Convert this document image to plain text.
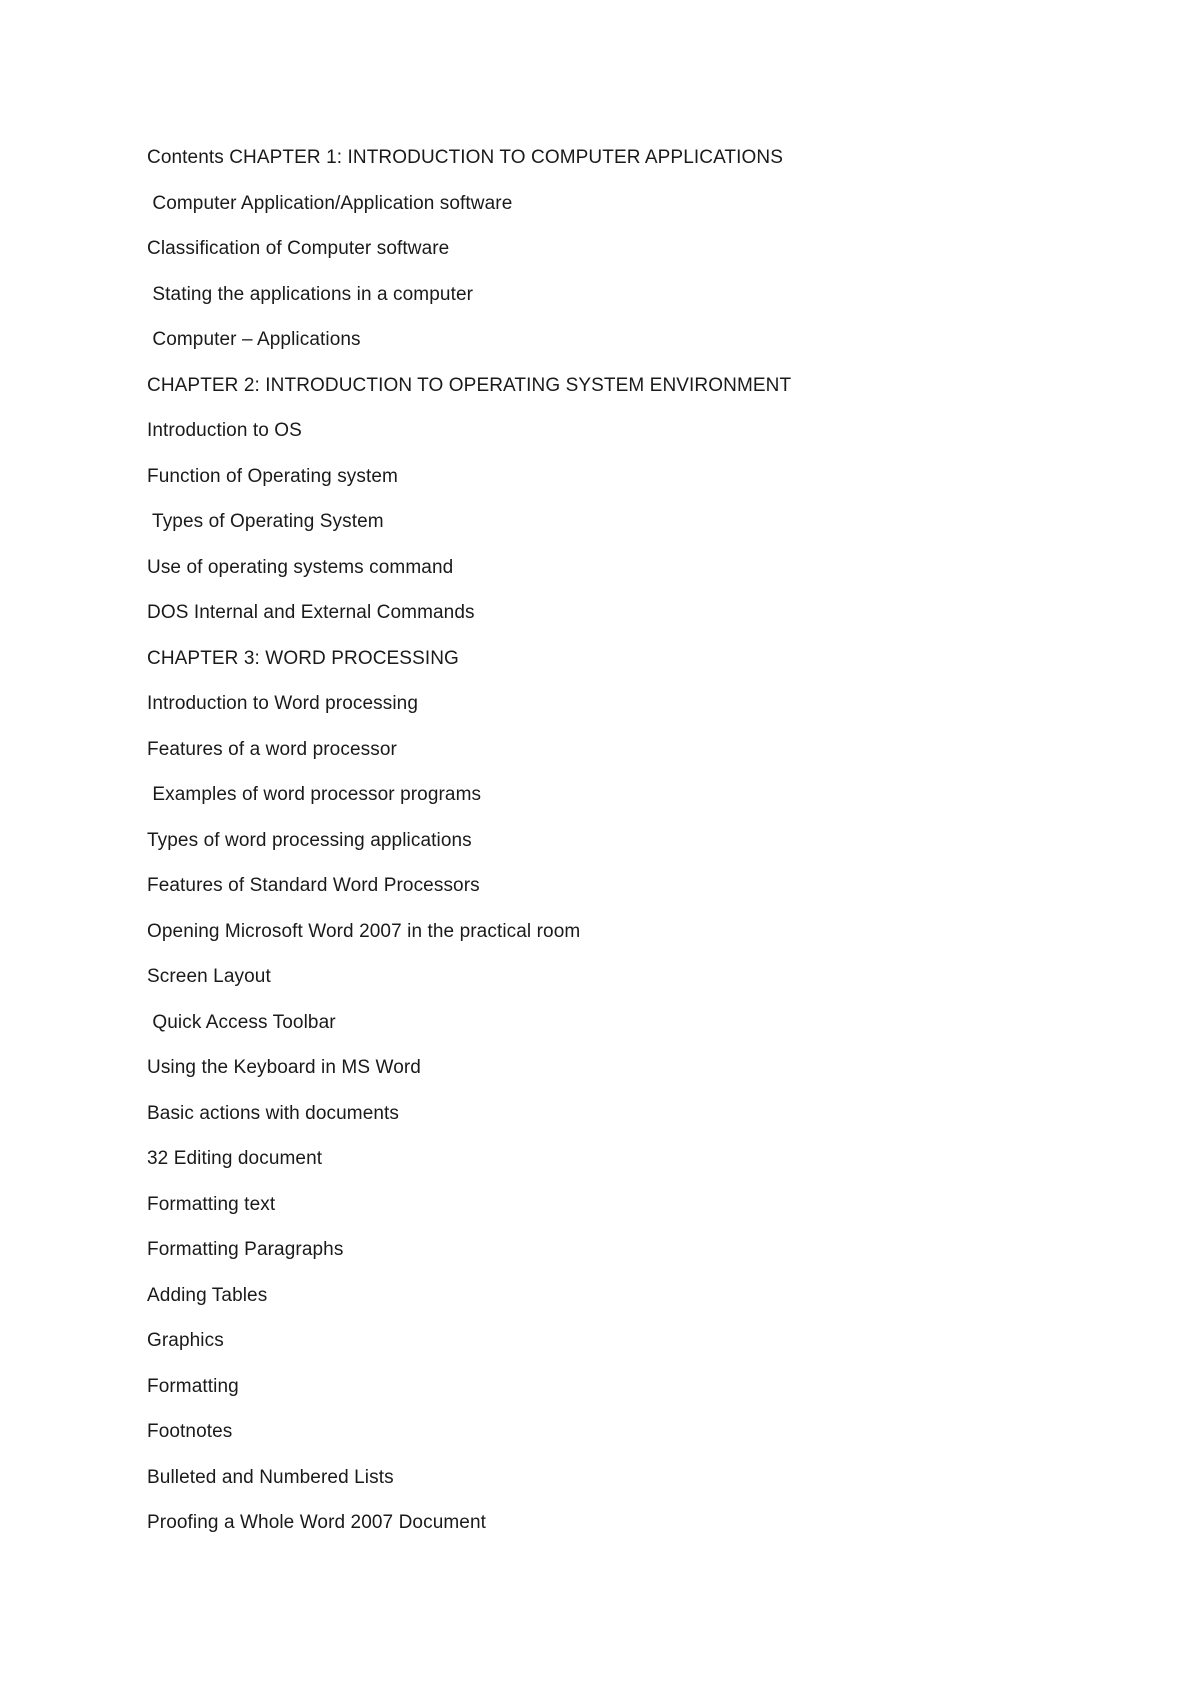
Contents CHAPTER 1: INTRODUCTION TO COMPUTER APPLICATIONS
Computer Application/Application software
Classification of Computer software
Stating the applications in a computer
Computer – Applications
CHAPTER 2: INTRODUCTION TO OPERATING SYSTEM ENVIRONMENT
Introduction to OS
Function of Operating system
Types of Operating System
Use of operating systems command
DOS Internal and External Commands
CHAPTER 3: WORD PROCESSING
Introduction to Word processing
Features of a word processor
Examples of word processor programs
Types of word processing applications
Features of Standard Word Processors
Opening Microsoft Word 2007 in the practical room
Screen Layout
Quick Access Toolbar
Using the Keyboard in MS Word
Basic actions with documents
32 Editing document
Formatting text
Formatting Paragraphs
Adding Tables
Graphics
Formatting
Footnotes
Bulleted and Numbered Lists
Proofing a Whole Word 2007 Document
